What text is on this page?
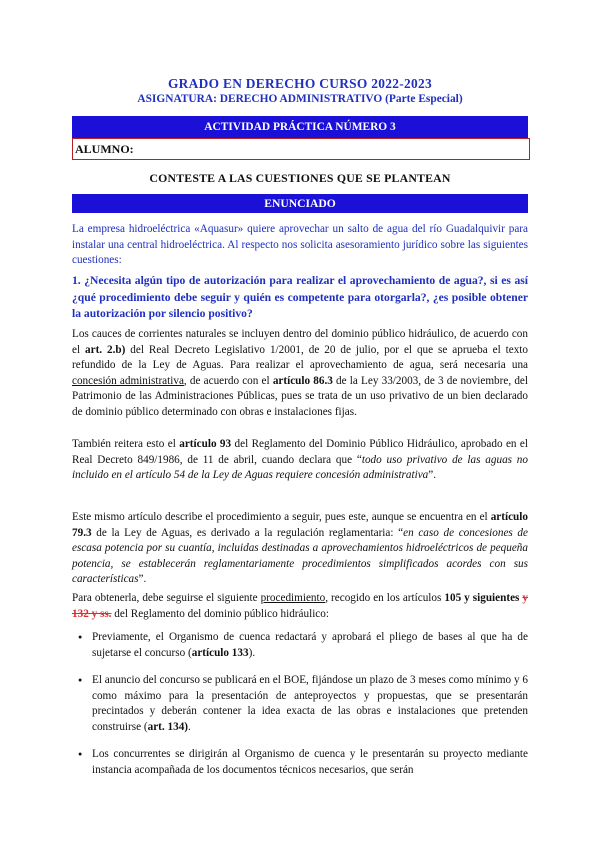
GRADO EN DERECHO CURSO 2022-2023
ASIGNATURA: DERECHO ADMINISTRATIVO (Parte Especial)
ACTIVIDAD PRÁCTICA NÚMERO 3
ALUMNO:
CONTESTE A LAS CUESTIONES QUE SE PLANTEAN
ENUNCIADO
La empresa hidroeléctrica «Aquasur» quiere aprovechar un salto de agua del río Guadalquivir para instalar una central hidroeléctrica. Al respecto nos solicita asesoramiento jurídico sobre las siguientes cuestiones:
1. ¿Necesita algún tipo de autorización para realizar el aprovechamiento de agua?, si es así ¿qué procedimiento debe seguir y quién es competente para otorgarla?, ¿es posible obtener la autorización por silencio positivo?
Los cauces de corrientes naturales se incluyen dentro del dominio público hidráulico, de acuerdo con el art. 2.b) del Real Decreto Legislativo 1/2001, de 20 de julio, por el que se aprueba el texto refundido de la Ley de Aguas. Para realizar el aprovechamiento de agua, será necesaria una concesión administrativa, de acuerdo con el artículo 86.3 de la Ley 33/2003, de 3 de noviembre, del Patrimonio de las Administraciones Públicas, pues se trata de un uso privativo de un bien declarado de dominio público determinado con obras e instalaciones fijas.
También reitera esto el artículo 93 del Reglamento del Dominio Público Hidráulico, aprobado en el Real Decreto 849/1986, de 11 de abril, cuando declara que “todo uso privativo de las aguas no incluido en el artículo 54 de la Ley de Aguas requiere concesión administrativa”.
Este mismo artículo describe el procedimiento a seguir, pues este, aunque se encuentra en el artículo 79.3 de la Ley de Aguas, es derivado a la regulación reglamentaria: “en caso de concesiones de escasa potencia por su cuantía, incluidas destinadas a aprovechamientos hidroeléctricos de pequeña potencia, se establecerán reglamentariamente procedimientos simplificados acordes con sus características”.
Para obtenerla, debe seguirse el siguiente procedimiento, recogido en los artículos 105 y siguientes y 132 y ss. del Reglamento del dominio público hidráulico:
● Previamente, el Organismo de cuenca redactará y aprobará el pliego de bases al que ha de sujetarse el concurso (artículo 133).
● El anuncio del concurso se publicará en el BOE, fijándose un plazo de 3 meses como mínimo y 6 como máximo para la presentación de anteproyectos y propuestas, que se presentarán precintados y deberán contener la idea exacta de las obras e instalaciones que pretenden construirse (art. 134).
● Los concurrentes se dirigirán al Organismo de cuenca y le presentarán su proyecto mediante instancia acompañada de los documentos técnicos necesarios, que serán
